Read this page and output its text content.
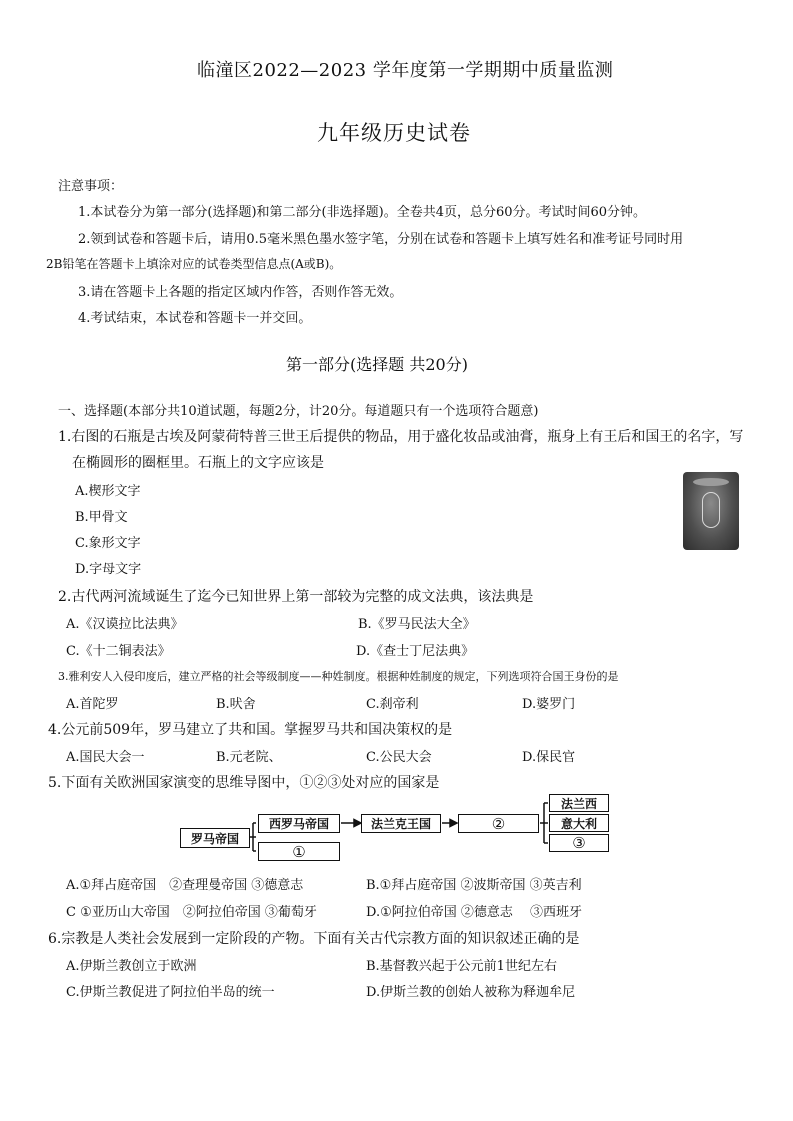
临潼区2022—2023 学年度第一学期期中质量监测
九年级历史试卷
注意事项：
1.本试卷分为第一部分(选择题)和第二部分(非选择题)。全卷共4页，总分60分。考试时间60分钟。
2.领到试卷和答题卡后，请用0.5毫米黑色墨水签字笔，分别在试卷和答题卡上填写姓名和准考证号同时用
2B铅笔在答题卡上填涂对应的试卷类型信息点(A或B)。
3.请在答题卡上各题的指定区域内作答，否则作答无效。
4.考试结束，本试卷和答题卡一并交回。
第一部分(选择题 共20分)
一、选择题(本部分共10道试题，每题2分，计20分。每道题只有一个选项符合题意)
1.右图的石瓶是古埃及阿蒙荷特普三世王后提供的物品，用于盛化妆品或油膏，瓶身上有王后和国王的名字，写
在椭圆形的圈框里。石瓶上的文字应该是
A.楔形文字
B.甲骨文
C.象形文字
D.字母文字
2.古代两河流域诞生了迄今已知世界上第一部较为完整的成文法典，该法典是
A.《汉谟拉比法典》	B.《罗马民法大全》
C.《十二铜表法》	D.《查士丁尼法典》
3.雅利安人入侵印度后，建立严格的社会等级制度——种姓制度。根据种姓制度的规定，下列选项符合国王身份的是
A.首陀罗	B.吠舍	C.刹帝利	D.婆罗门
4.公元前509年，罗马建立了共和国。掌握罗马共和国决策权的是
A.国民大会一	B.元老院、	C.公民大会	D.保民官
5.下面有关欧洲国家演变的思维导图中，①②③处对应的国家是
罗马帝国
西罗马帝国
①
法兰克王国	②
法兰西
意大利
③
A.①拜占庭帝国　②查理曼帝国 ③德意志	B.①拜占庭帝国 ②波斯帝国 ③英吉利
C ①亚历山大帝国　②阿拉伯帝国 ③葡萄牙	D.①阿拉伯帝国 ②德意志　 ③西班牙
6.宗教是人类社会发展到一定阶段的产物。下面有关古代宗教方面的知识叙述正确的是
A.伊斯兰教创立于欧洲	B.基督教兴起于公元前1世纪左右
C.伊斯兰教促进了阿拉伯半岛的统一	D.伊斯兰教的创始人被称为释迦牟尼
